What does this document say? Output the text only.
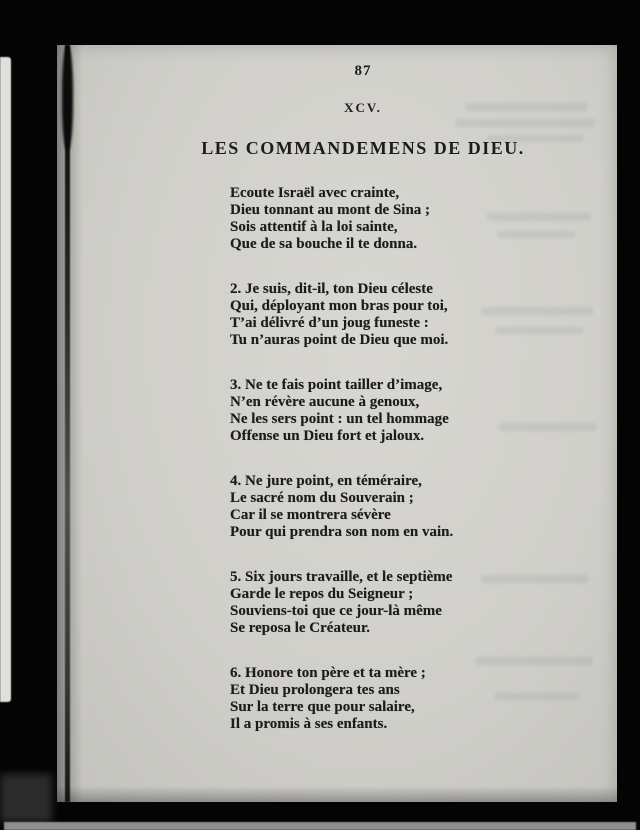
87
XCV.
LES COMMANDEMENS DE DIEU.
Ecoute Israël avec crainte,
Dieu tonnant au mont de Sina ;
Sois attentif à la loi sainte,
Que de sa bouche il te donna.
2. Je suis, dit-il, ton Dieu céleste
Qui, déployant mon bras pour toi,
T’ai délivré d’un joug funeste :
Tu n’auras point de Dieu que moi.
3. Ne te fais point tailler d’image,
N’en révère aucune à genoux,
Ne les sers point : un tel hommage
Offense un Dieu fort et jaloux.
4. Ne jure point, en téméraire,
Le sacré nom du Souverain ;
Car il se montrera sévère
Pour qui prendra son nom en vain.
5. Six jours travaille, et le septième
Garde le repos du Seigneur ;
Souviens-toi que ce jour-là même
Se reposa le Créateur.
6. Honore ton père et ta mère ;
Et Dieu prolongera tes ans
Sur la terre que pour salaire,
Il a promis à ses enfants.
